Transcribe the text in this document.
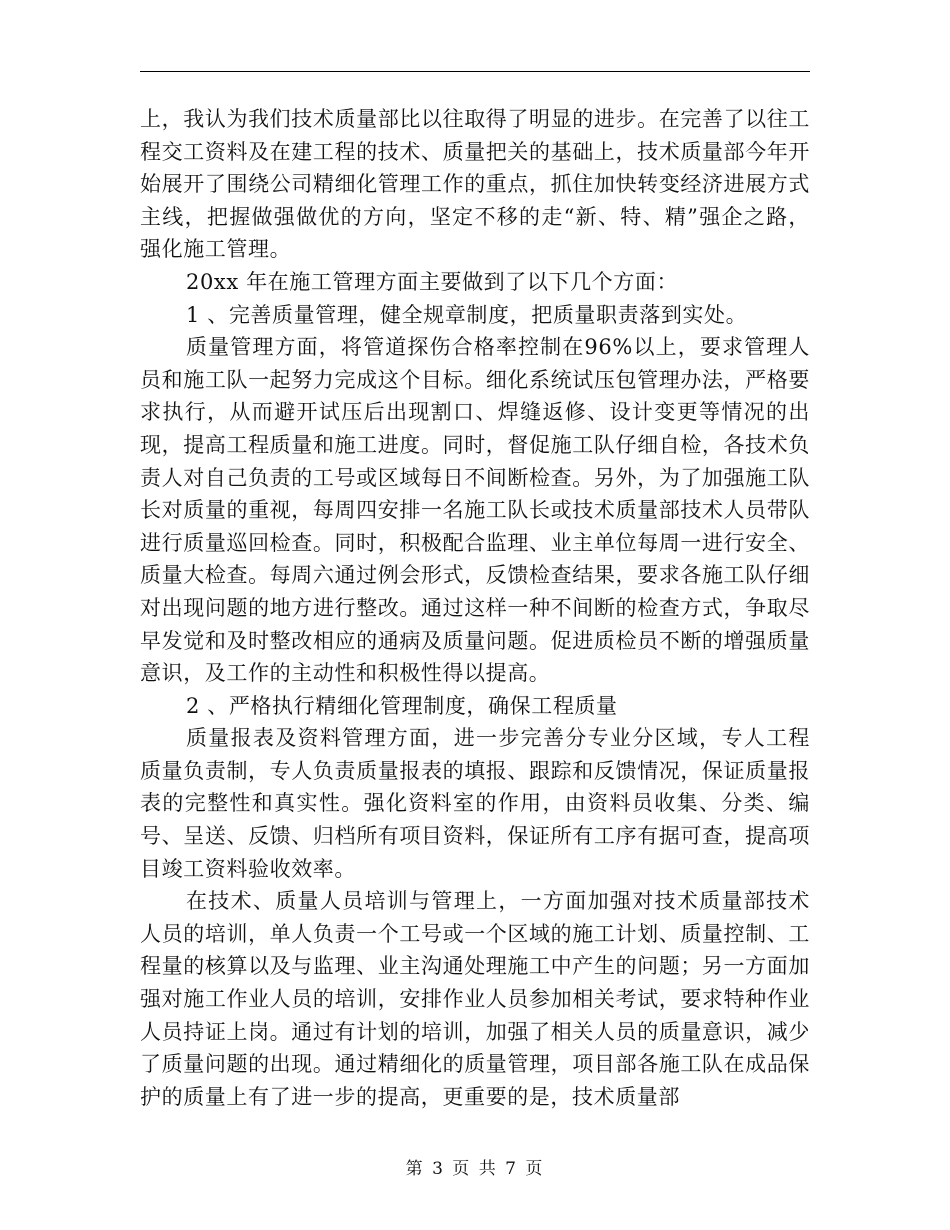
上，我认为我们技术质量部比以往取得了明显的进步。在完善了以往工程交工资料及在建工程的技术、质量把关的基础上，技术质量部今年开始展开了围绕公司精细化管理工作的重点，抓住加快转变经济进展方式主线，把握做强做优的方向，坚定不移的走“新、特、精”强企之路，强化施工管理。

20xx 年在施工管理方面主要做到了以下几个方面：

1 、完善质量管理，健全规章制度，把质量职责落到实处。

质量管理方面，将管道探伤合格率控制在96%以上，要求管理人员和施工队一起努力完成这个目标。细化系统试压包管理办法，严格要求执行，从而避开试压后出现割口、焊缝返修、设计变更等情况的出现，提高工程质量和施工进度。同时，督促施工队仔细自检，各技术负责人对自己负责的工号或区域每日不间断检查。另外，为了加强施工队长对质量的重视，每周四安排一名施工队长或技术质量部技术人员带队进行质量巡回检查。同时，积极配合监理、业主单位每周一进行安全、质量大检查。每周六通过例会形式，反馈检查结果，要求各施工队仔细对出现问题的地方进行整改。通过这样一种不间断的检查方式，争取尽早发觉和及时整改相应的通病及质量问题。促进质检员不断的增强质量意识，及工作的主动性和积极性得以提高。

2 、严格执行精细化管理制度，确保工程质量

质量报表及资料管理方面，进一步完善分专业分区域，专人工程质量负责制，专人负责质量报表的填报、跟踪和反馈情况，保证质量报表的完整性和真实性。强化资料室的作用，由资料员收集、分类、编号、呈送、反馈、归档所有项目资料，保证所有工序有据可查，提高项目竣工资料验收效率。

在技术、质量人员培训与管理上，一方面加强对技术质量部技术人员的培训，单人负责一个工号或一个区域的施工计划、质量控制、工程量的核算以及与监理、业主沟通处理施工中产生的问题；另一方面加强对施工作业人员的培训，安排作业人员参加相关考试，要求特种作业人员持证上岗。通过有计划的培训，加强了相关人员的质量意识，减少了质量问题的出现。通过精细化的质量管理，项目部各施工队在成品保护的质量上有了进一步的提高，更重要的是，技术质量部

第 3 页 共 7 页
